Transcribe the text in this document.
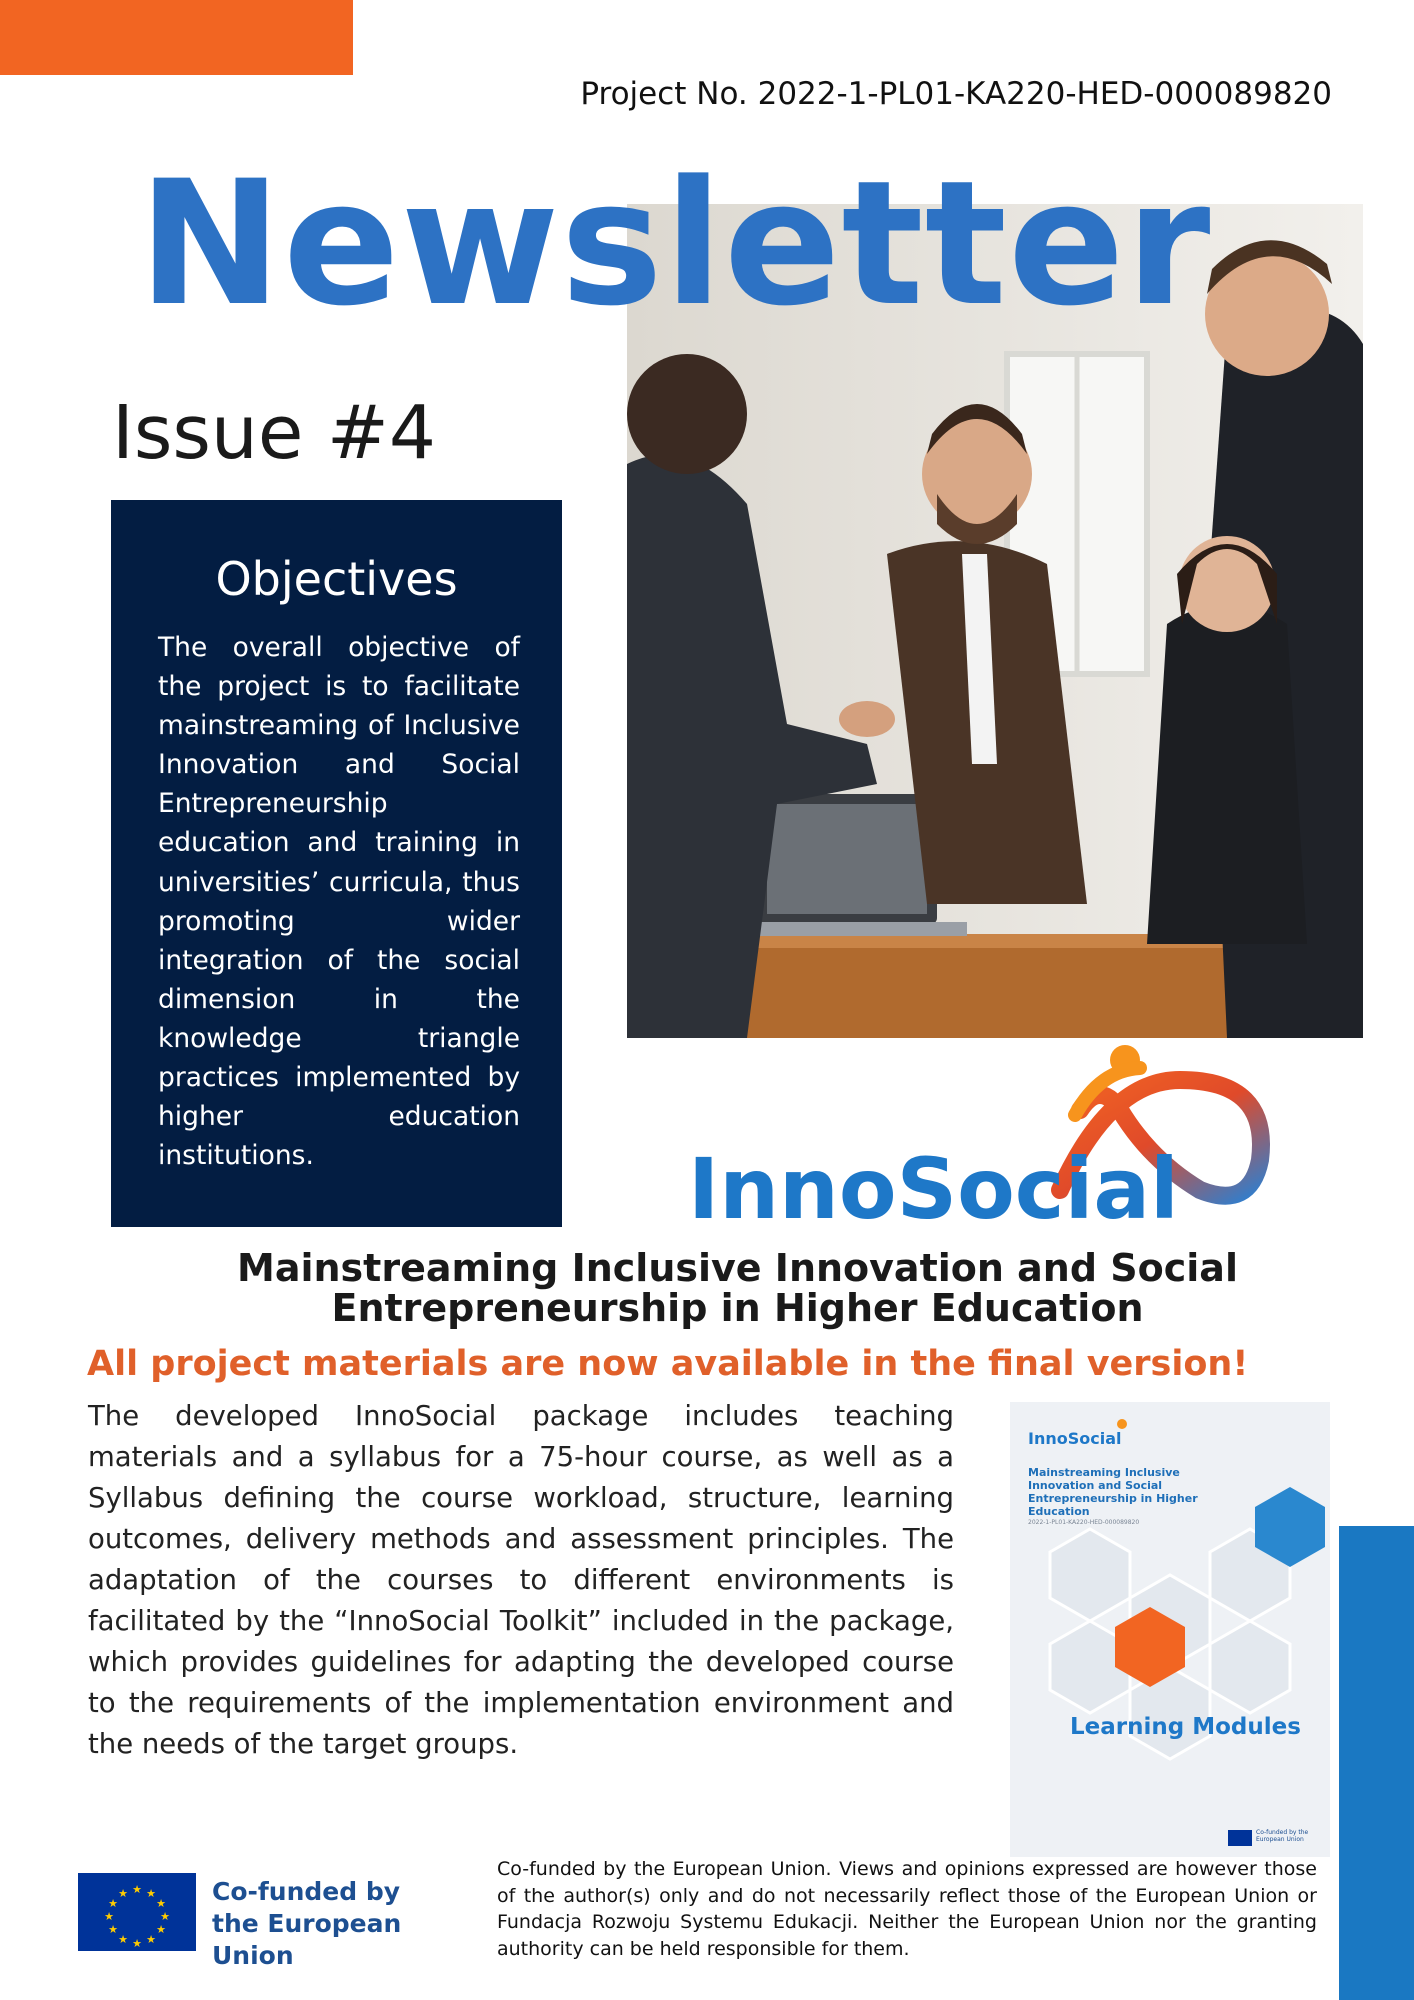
Project No. 2022-1-PL01-KA220-HED-000089820
Newsletter
Issue #4
Objectives
The overall objective of the project is to facilitate mainstreaming of Inclusive Innovation and Social Entrepreneurship education and training in universities’ curricula, thus promoting wider integration of the social dimension in the knowledge triangle practices implemented by higher education institutions.	InnoSocial
Mainstreaming Inclusive Innovation and Social
Entrepreneurship in Higher Education
All project materials are now available in the final version!
The developed InnoSocial package includes teaching materials and a syllabus for a 75-hour course, as well as a Syllabus defining the course workload, structure, learning outcomes, delivery methods and assessment principles. The adaptation of the courses to different environments is facilitated by the “InnoSocial Toolkit” included in the package, which provides guidelines for adapting the developed course to the requirements of the implementation environment and the needs of the target groups.
InnoSocial
Mainstreaming Inclusive Innovation and Social Entrepreneurship in Higher Education
2022-1-PL01-KA220-HED-000089820
Learning Modules
Co-funded by the European Union
★ ★
★
★
★
★
★
★
★
★
★
★	Co-funded by
the European Union
Co-funded by the European Union. Views and opinions expressed are however those of the author(s) only and do not necessarily reflect those of the European Union or Fundacja Rozwoju Systemu Edukacji. Neither the European Union nor the granting authority can be held responsible for them.
